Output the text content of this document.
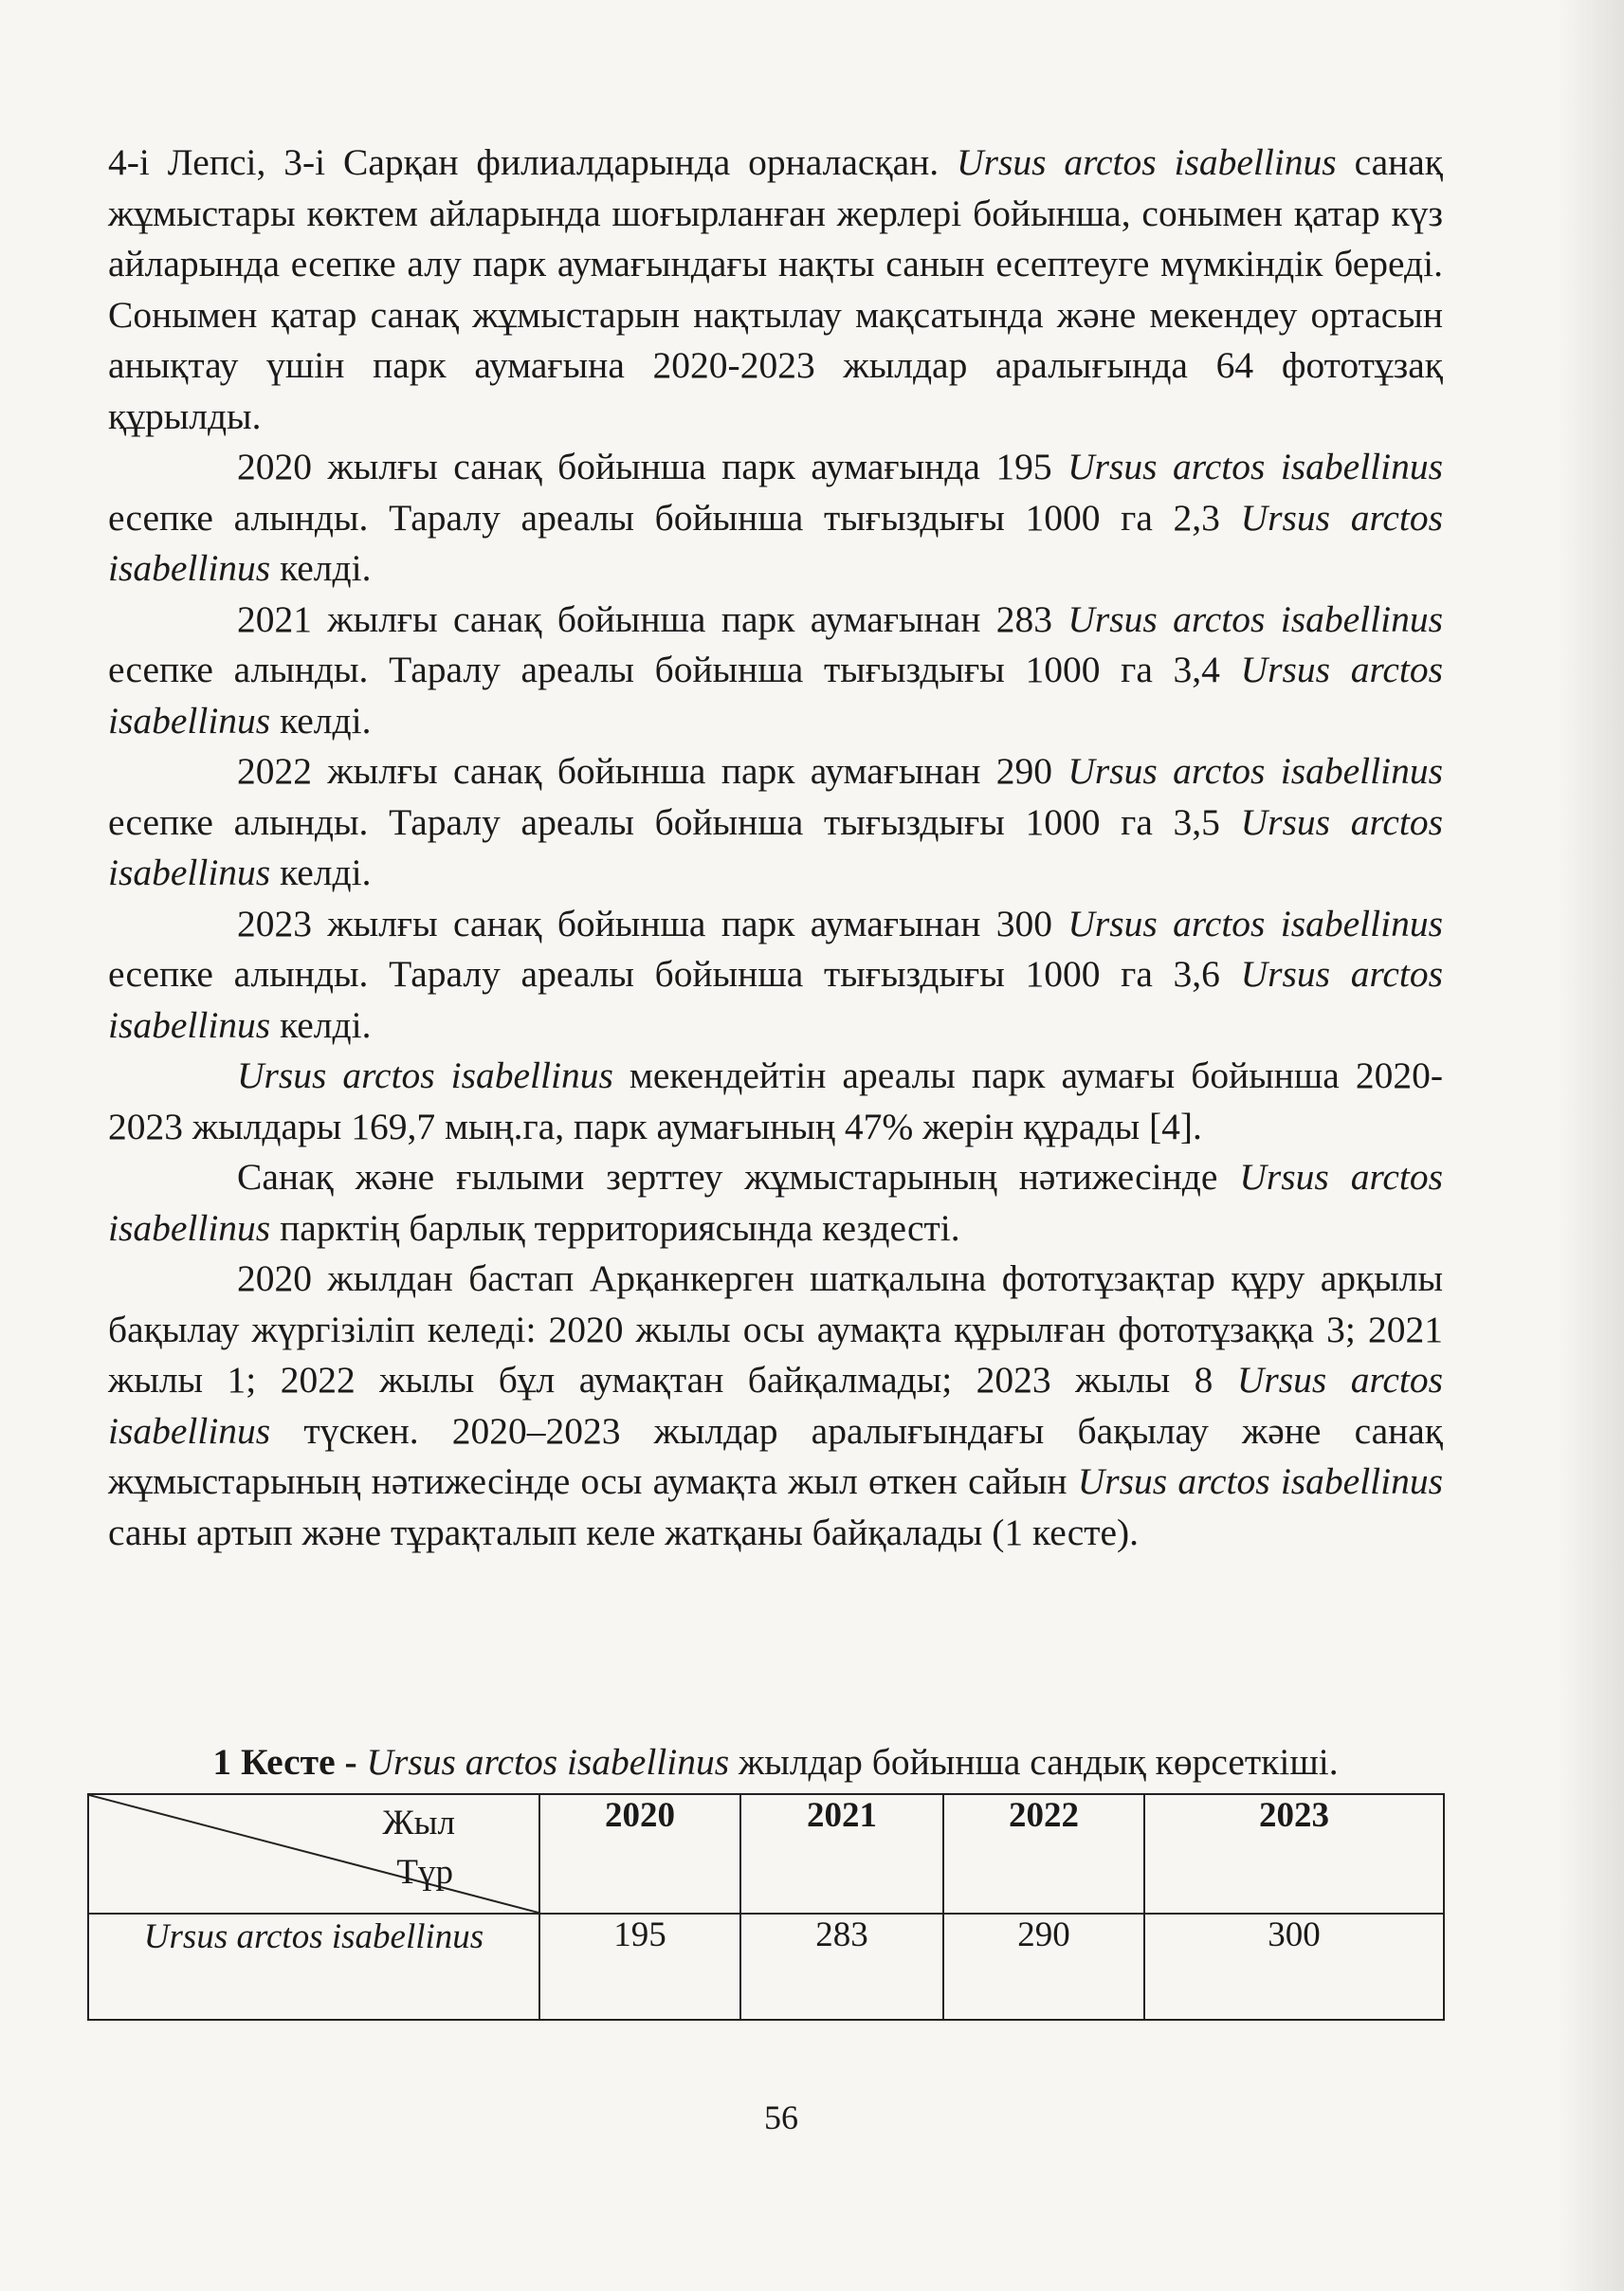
4-і Лепсі, 3-і Сарқан филиалдарында орналасқан. Ursus arctos isabellinus санақ жұмыстары көктем айларында шоғырланған жерлері бойынша, сонымен қатар күз айларында есепке алу парк аумағындағы нақты санын есептеуге мүмкіндік береді. Сонымен қатар санақ жұмыстарын нақтылау мақсатында және мекендеу ортасын анықтау үшін парк аумағына 2020-2023 жылдар аралығында 64 фототұзақ құрылды.

2020 жылғы санақ бойынша парк аумағында 195 Ursus arctos isabellinus есепке алынды. Таралу ареалы бойынша тығыздығы 1000 га 2,3 Ursus arctos isabellinus келді.

2021 жылғы санақ бойынша парк аумағынан 283 Ursus arctos isabellinus есепке алынды. Таралу ареалы бойынша тығыздығы 1000 га 3,4 Ursus arctos isabellinus келді.

2022 жылғы санақ бойынша парк аумағынан 290 Ursus arctos isabellinus есепке алынды. Таралу ареалы бойынша тығыздығы 1000 га 3,5 Ursus arctos isabellinus келді.

2023 жылғы санақ бойынша парк аумағынан 300 Ursus arctos isabellinus есепке алынды. Таралу ареалы бойынша тығыздығы 1000 га 3,6 Ursus arctos isabellinus келді.

Ursus arctos isabellinus мекендейтін ареалы парк аумағы бойынша 2020-2023 жылдары 169,7 мың.га, парк аумағының 47% жерін құрады [4].

Санақ және ғылыми зерттеу жұмыстарының нәтижесінде Ursus arctos isabellinus парктің барлық территориясында кездесті.

2020 жылдан бастап Арқанкерген шатқалына фототұзақтар құру арқылы бақылау жүргізіліп келеді: 2020 жылы осы аумақта құрылған фототұзаққа 3; 2021 жылы 1; 2022 жылы бұл аумақтан байқалмады; 2023 жылы 8 Ursus arctos isabellinus түскен. 2020–2023 жылдар аралығындағы бақылау және санақ жұмыстарының нәтижесінде осы аумақта жыл өткен сайын Ursus arctos isabellinus саны артып және тұрақталып келе жатқаны байқалады (1 кесте).

1 Кесте - Ursus arctos isabellinus жылдар бойынша сандық көрсеткіші.
Жыл
Түр	2020	2021	2022	2023
Ursus arctos isabellinus	195	283	290	300
56
